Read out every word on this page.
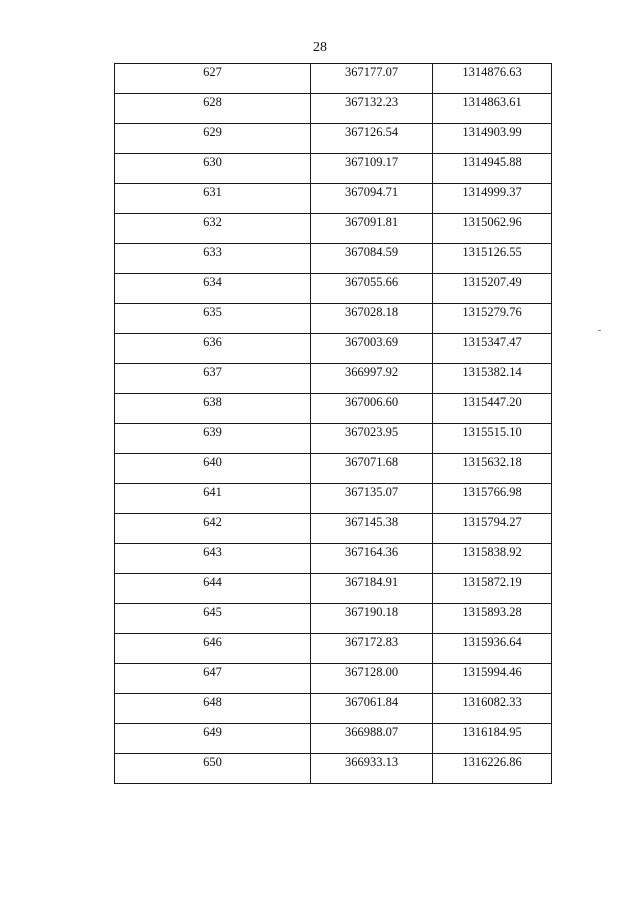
28
627	367177.07	1314876.63
628	367132.23	1314863.61
629	367126.54	1314903.99
630	367109.17	1314945.88
631	367094.71	1314999.37
632	367091.81	1315062.96
633	367084.59	1315126.55
634	367055.66	1315207.49
635	367028.18	1315279.76
636	367003.69	1315347.47
637	366997.92	1315382.14
638	367006.60	1315447.20
639	367023.95	1315515.10
640	367071.68	1315632.18
641	367135.07	1315766.98
642	367145.38	1315794.27
643	367164.36	1315838.92
644	367184.91	1315872.19
645	367190.18	1315893.28
646	367172.83	1315936.64
647	367128.00	1315994.46
648	367061.84	1316082.33
649	366988.07	1316184.95
650	366933.13	1316226.86
